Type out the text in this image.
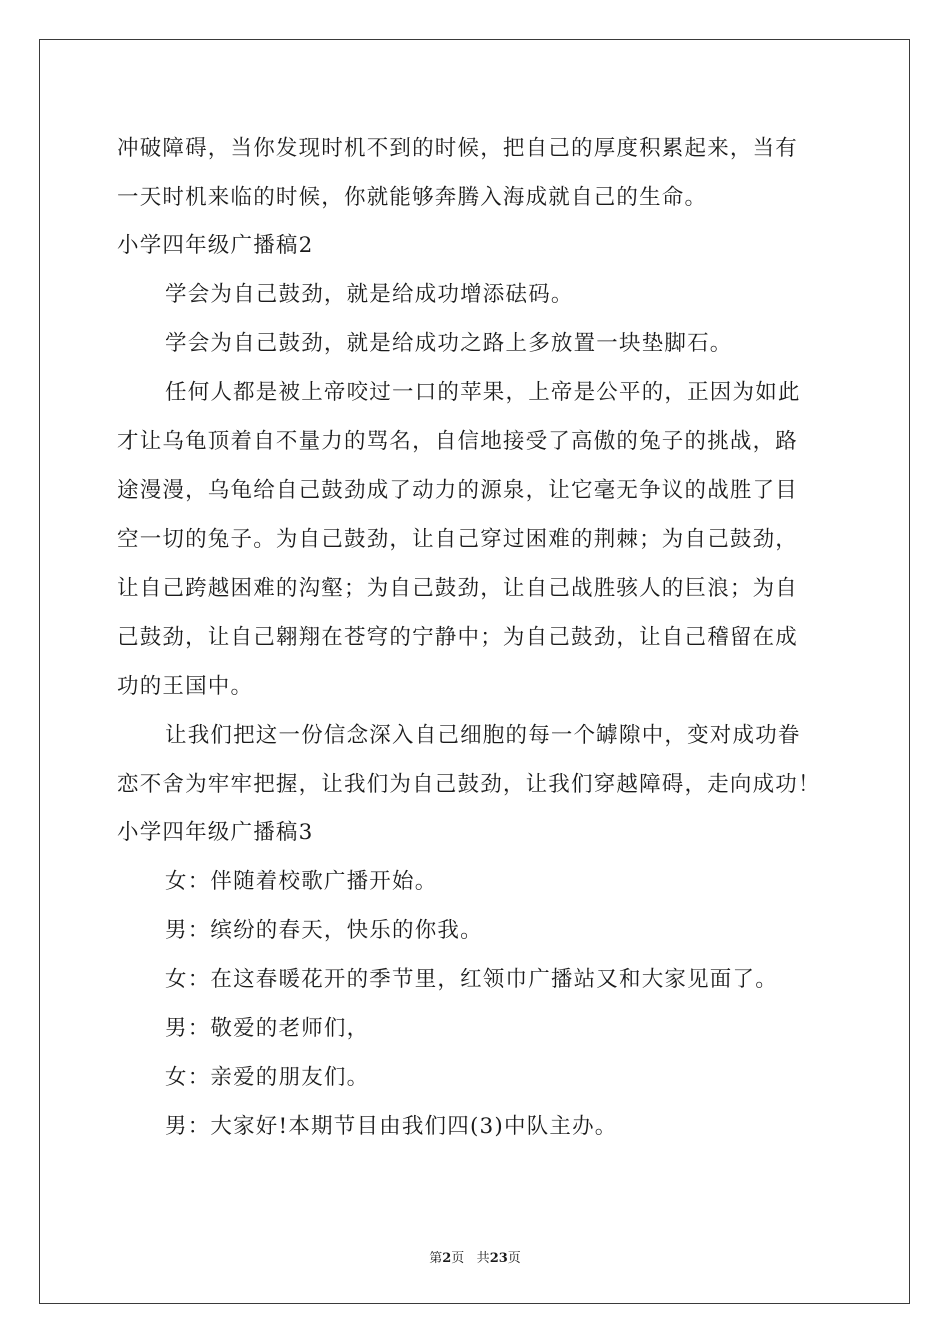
冲破障碍，当你发现时机不到的时候，把自己的厚度积累起来，当有
一天时机来临的时候，你就能够奔腾入海成就自己的生命。
小学四年级广播稿2
学会为自己鼓劲，就是给成功增添砝码。
学会为自己鼓劲，就是给成功之路上多放置一块垫脚石。
任何人都是被上帝咬过一口的苹果，上帝是公平的，正因为如此
才让乌龟顶着自不量力的骂名，自信地接受了高傲的兔子的挑战，路
途漫漫，乌龟给自己鼓劲成了动力的源泉，让它毫无争议的战胜了目
空一切的兔子。为自己鼓劲，让自己穿过困难的荆棘；为自己鼓劲，
让自己跨越困难的沟壑；为自己鼓劲，让自己战胜骇人的巨浪；为自
己鼓劲，让自己翱翔在苍穹的宁静中；为自己鼓劲，让自己稽留在成
功的王国中。
让我们把这一份信念深入自己细胞的每一个罅隙中，变对成功眷
恋不舍为牢牢把握，让我们为自己鼓劲，让我们穿越障碍，走向成功！
小学四年级广播稿3
女：伴随着校歌广播开始。
男：缤纷的春天，快乐的你我。
女：在这春暖花开的季节里，红领巾广播站又和大家见面了。
男：敬爱的老师们，
女：亲爱的朋友们。
男：大家好!本期节目由我们四(3)中队主办。
第2页 共23页
